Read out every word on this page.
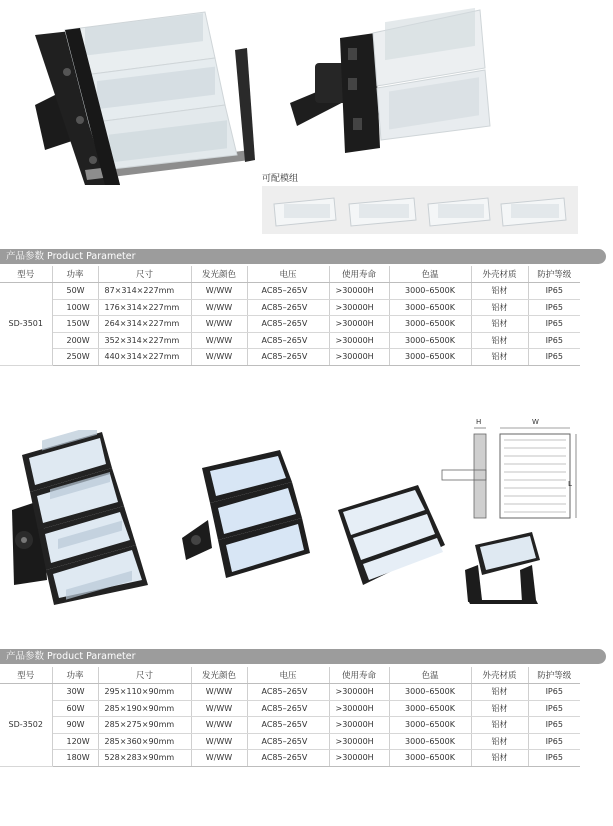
可配模组
产品参数 Product Parameter
型号	功率	尺寸	发光颜色	电压	使用寿命	色温	外壳材质	防护等级
SD-3501	50W	87×314×227mm	W/WW	AC85–265V	>30000H	3000–6500K	铝材	IP65
	100W	176×314×227mm	W/WW	AC85–265V	>30000H	3000–6500K	铝材	IP65
	150W	264×314×227mm	W/WW	AC85–265V	>30000H	3000–6500K	铝材	IP65
	200W	352×314×227mm	W/WW	AC85–265V	>30000H	3000–6500K	铝材	IP65
	250W	440×314×227mm	W/WW	AC85–265V	>30000H	3000–6500K	铝材	IP65
H	W
L
产品参数 Product Parameter
型号	功率	尺寸	发光颜色	电压	使用寿命	色温	外壳材质	防护等级
SD-3502	30W	295×110×90mm	W/WW	AC85–265V	>30000H	3000–6500K	铝材	IP65
	60W	285×190×90mm	W/WW	AC85–265V	>30000H	3000–6500K	铝材	IP65
	90W	285×275×90mm	W/WW	AC85–265V	>30000H	3000–6500K	铝材	IP65
	120W	285×360×90mm	W/WW	AC85–265V	>30000H	3000–6500K	铝材	IP65
	180W	528×283×90mm	W/WW	AC85–265V	>30000H	3000–6500K	铝材	IP65
